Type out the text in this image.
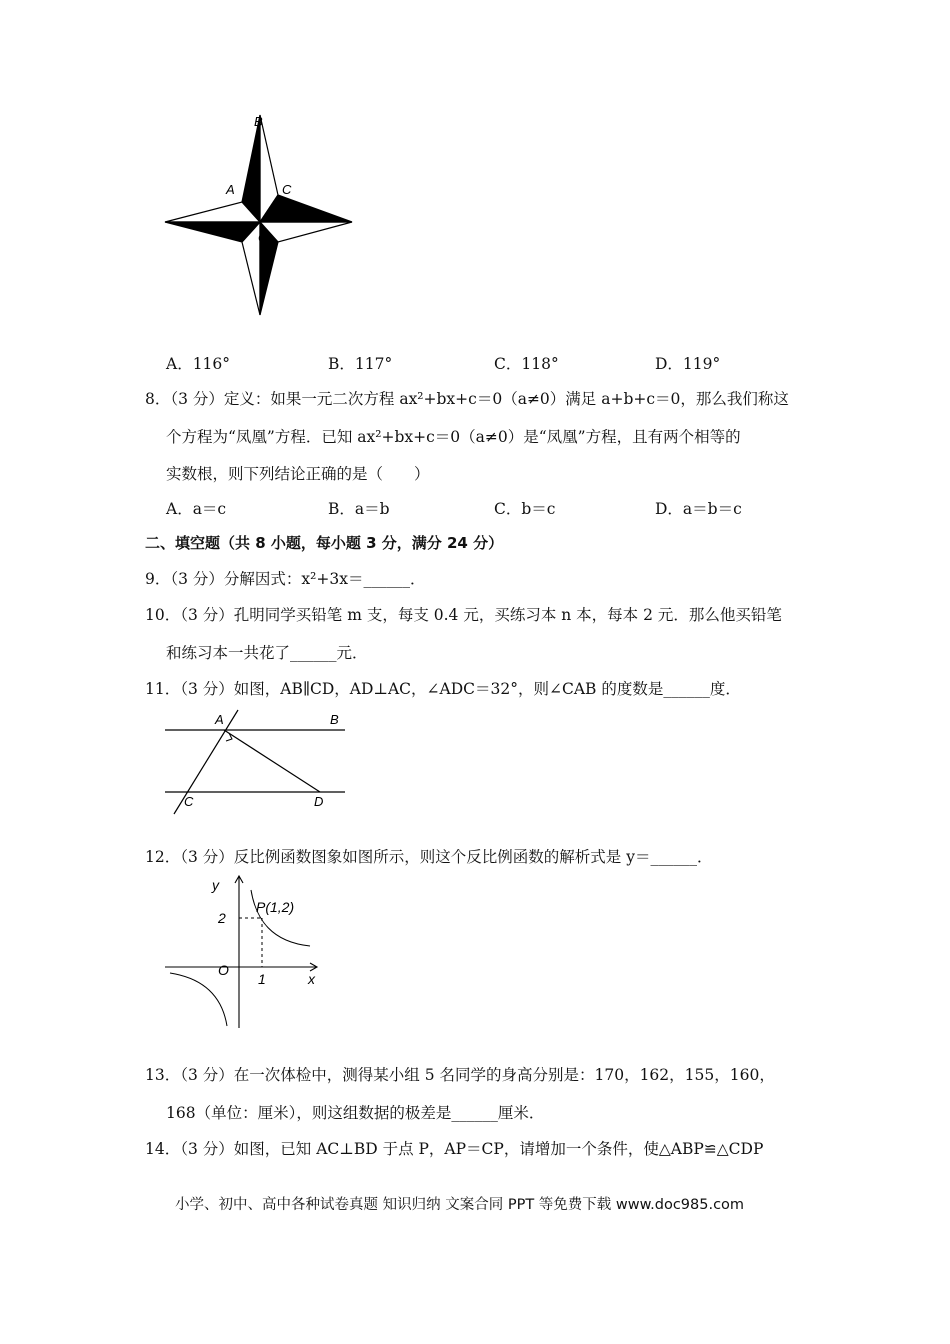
B
A	C
O
A．116°	B．117°	C．118°	D．119°
8．（3 分）定义：如果一元二次方程 ax²+bx+c＝0（a≠0）满足 a+b+c＝0，那么我们称这
个方程为“凤凰”方程．已知 ax²+bx+c＝0（a≠0）是“凤凰”方程，且有两个相等的
实数根，则下列结论正确的是（　　）
A．a＝c	B．a＝b	C．b＝c	D．a＝b＝c
二、填空题（共 8 小题，每小题 3 分，满分 24 分）
9．（3 分）分解因式：x²+3x＝______．
10．（3 分）孔明同学买铅笔 m 支，每支 0.4 元，买练习本 n 本，每本 2 元．那么他买铅笔
和练习本一共花了______元．
11．（3 分）如图，AB∥CD，AD⊥AC，∠ADC＝32°，则∠CAB 的度数是______度．
A	B
C	D
12．（3 分）反比例函数图象如图所示，则这个反比例函数的解析式是 y＝______．
y
x
O
2
1
P(1,2)
13．（3 分）在一次体检中，测得某小组 5 名同学的身高分别是：170，162，155，160，
168（单位：厘米），则这组数据的极差是______厘米．
14．（3 分）如图，已知 AC⊥BD 于点 P，AP＝CP，请增加一个条件，使△ABP≌△CDP
小学、初中、高中各种试卷真题 知识归纳 文案合同 PPT 等免费下载 www.doc985.com
